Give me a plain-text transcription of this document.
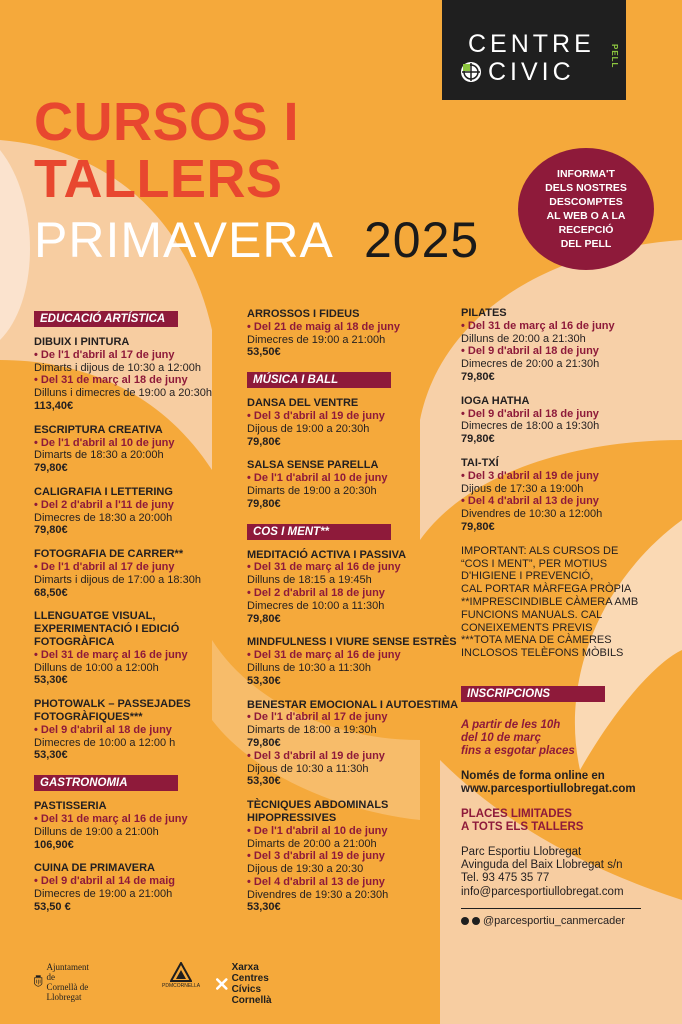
CENTRE
CIVIC
PELL
CURSOS I
TALLERS
PRIMAVERA 2025
INFORMA'T
DELS NOSTRES
DESCOMPTES
AL WEB O A LA
RECEPCIÓ
DEL PELL
EDUCACIÓ ARTÍSTICA

DIBUIX I PINTURA
• De l'1 d'abril al 17 de juny
Dimarts i dijous de 10:30 a 12:00h
• Del 31 de març al 18 de juny
Dilluns i dimecres de 19:00 a 20:30h
113,40€
ESCRIPTURA CREATIVA
• De l'1 d'abril al 10 de juny
Dimarts de 18:30 a 20:00h
79,80€
CALIGRAFIA I LETTERING
• Del 2 d'abril a l'11 de juny
Dimecres de 18:30 a 20:00h
79,80€
FOTOGRAFIA DE CARRER**
• De l'1 d'abril al 17 de juny
Dimarts i dijous de 17:00 a 18:30h
68,50€
LLENGUATGE VISUAL, EXPERIMENTACIÓ I EDICIÓ FOTOGRÀFICA
• Del 31 de març al 16 de juny
Dilluns de 10:00 a 12:00h
53,30€
PHOTOWALK – PASSEJADES FOTOGRÀFIQUES***
• Del 9 d'abril al 18 de juny
Dimecres de 10:00 a 12:00 h
53,30€
GASTRONOMIA

PASTISSERIA
• Del 31 de març al 16 de juny
Dilluns de 19:00 a 21:00h
106,90€
CUINA DE PRIMAVERA
• Del 9 d'abril al 14 de maig
Dimecres de 19:00 a 21:00h
53,50 €
ARROSSOS I FIDEUS
• Del 21 de maig al 18 de juny
Dimecres de 19:00 a 21:00h
53,50€
MÚSICA I BALL

DANSA DEL VENTRE
• Del 3 d'abril al 19 de juny
Dijous de 19:00 a 20:30h
79,80€
SALSA SENSE PARELLA
• De l'1 d'abril al 10 de juny
Dimarts de 19:00 a 20:30h
79,80€
COS I MENT**

MEDITACIÓ ACTIVA I PASSIVA
• Del 31 de març al 16 de juny
Dilluns de 18:15 a 19:45h
• Del 2 d'abril al 18 de juny
Dimecres de 10:00 a 11:30h
79,80€
MINDFULNESS I VIURE SENSE ESTRÈS
• Del 31 de març al 16 de juny
Dilluns de 10:30 a 11:30h
53,30€
BENESTAR EMOCIONAL I AUTOESTIMA
• De l'1 d'abril al 17 de juny
Dimarts de 18:00 a 19:30h
79,80€
• Del 3 d'abril al 19 de juny
Dijous de 10:30 a 11:30h
53,30€
TÈCNIQUES ABDOMINALS HIPOPRESSIVES
• De l'1 d'abril al 10 de juny
Dimarts de 20:00 a 21:00h
• Del 3 d'abril al 19 de juny
Dijous de 19:30 a 20:30
• Del 4 d'abril al 13 de juny
Divendres de 19:30 a 20:30h
53,30€
PILATES
• Del 31 de març al 16 de juny
Dilluns de 20:00 a 21:30h
• Del 9 d'abril al 18 de juny
Dimecres de 20:00 a 21:30h
79,80€
IOGA HATHA
• Del 9 d'abril al 18 de juny
Dimecres de 18:00 a 19:30h
79,80€
TAI-TXÍ
• Del 3 d'abril al 19 de juny
Dijous de 17:30 a 19:00h
• Del 4 d'abril al 13 de juny
Divendres de 10:30 a 12:00h
79,80€
IMPORTANT: ALS CURSOS DE
“COS I MENT”, PER MOTIUS
D'HIGIENE I PREVENCIÓ,
CAL PORTAR MÀRFEGA PRÒPIA
**IMPRESCINDIBLE CÀMERA AMB
FUNCIONS MANUALS. CAL
CONEIXEMENTS PREVIS
***TOTA MENA DE CÀMERES
INCLOSOS TELÈFONS MÒBILS
INSCRIPCIONS
A partir de les 10h
del 10 de març
fins a esgotar places
Només de forma online en
www.parcesportiullobregat.com
PLACES LIMITADES
A TOTS ELS TALLERS
Parc Esportiu Llobregat
Avinguda del Baix Llobregat s/n
Tel. 93 475 35 77
info@parcesportiullobregat.com
@parcesportiu_canmercader
Ajuntament de
Cornellà de Llobregat
PDMCORNELLA
Xarxa Centres
Cívics Cornellà
